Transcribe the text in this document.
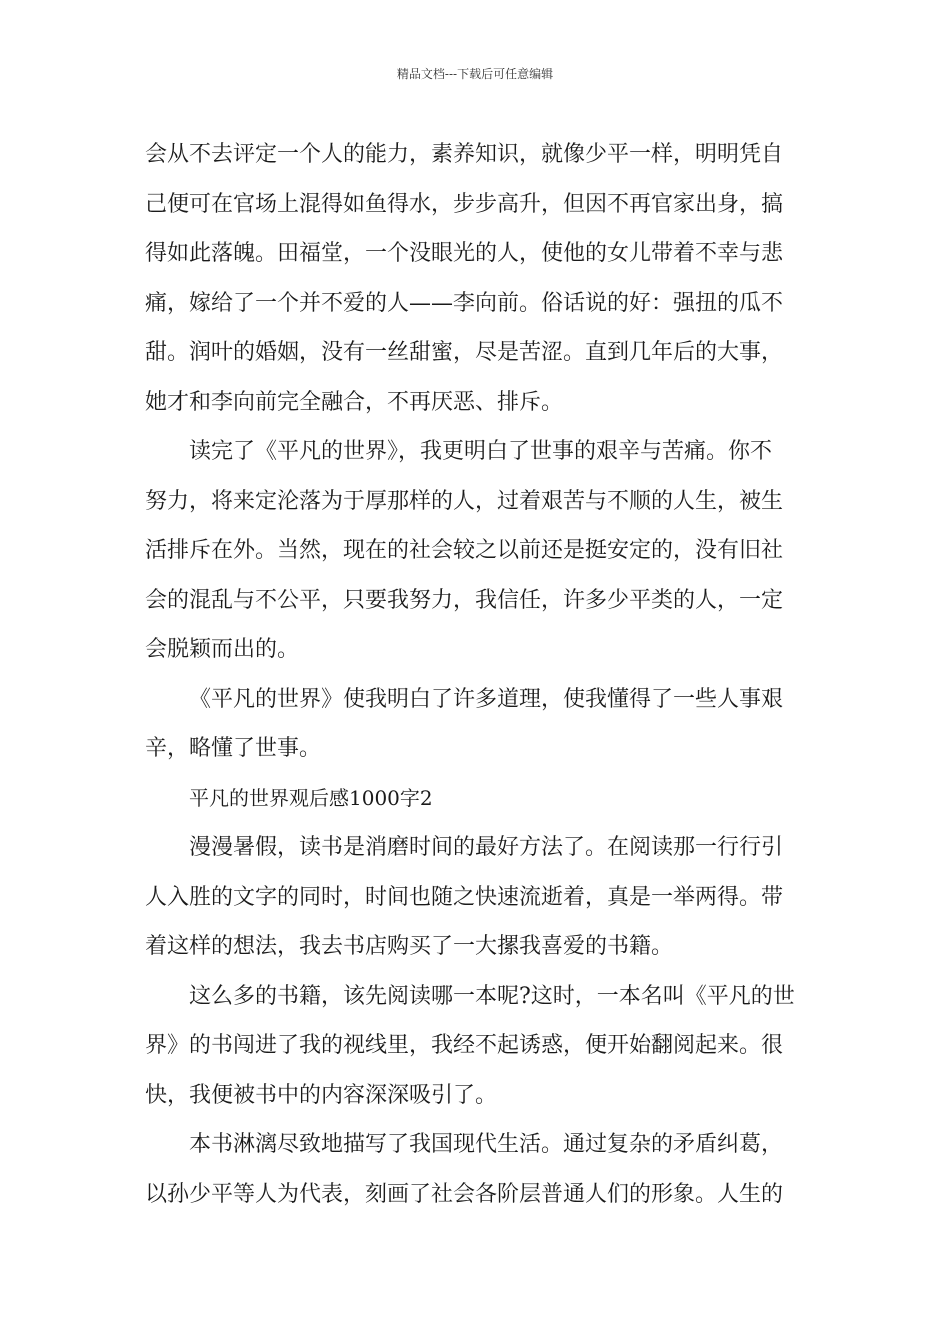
精品文档---下载后可任意编辑
会从不去评定一个人的能力，素养知识，就像少平一样，明明凭自
己便可在官场上混得如鱼得水，步步高升，但因不再官家出身，搞
得如此落魄。田福堂，一个没眼光的人，使他的女儿带着不幸与悲
痛，嫁给了一个并不爱的人——李向前。俗话说的好：强扭的瓜不
甜。润叶的婚姻，没有一丝甜蜜，尽是苦涩。直到几年后的大事，
她才和李向前完全融合，不再厌恶、排斥。
读完了《平凡的世界》，我更明白了世事的艰辛与苦痛。你不
努力，将来定沦落为于厚那样的人，过着艰苦与不顺的人生，被生
活排斥在外。当然，现在的社会较之以前还是挺安定的，没有旧社
会的混乱与不公平，只要我努力，我信任，许多少平类的人，一定
会脱颖而出的。
《平凡的世界》使我明白了许多道理，使我懂得了一些人事艰
辛，略懂了世事。
平凡的世界观后感1000字2
漫漫暑假，读书是消磨时间的最好方法了。在阅读那一行行引
人入胜的文字的同时，时间也随之快速流逝着，真是一举两得。带
着这样的想法，我去书店购买了一大摞我喜爱的书籍。
这么多的书籍，该先阅读哪一本呢?这时，一本名叫《平凡的世
界》的书闯进了我的视线里，我经不起诱惑，便开始翻阅起来。很
快，我便被书中的内容深深吸引了。
本书淋漓尽致地描写了我国现代生活。通过复杂的矛盾纠葛，
以孙少平等人为代表，刻画了社会各阶层普通人们的形象。人生的
